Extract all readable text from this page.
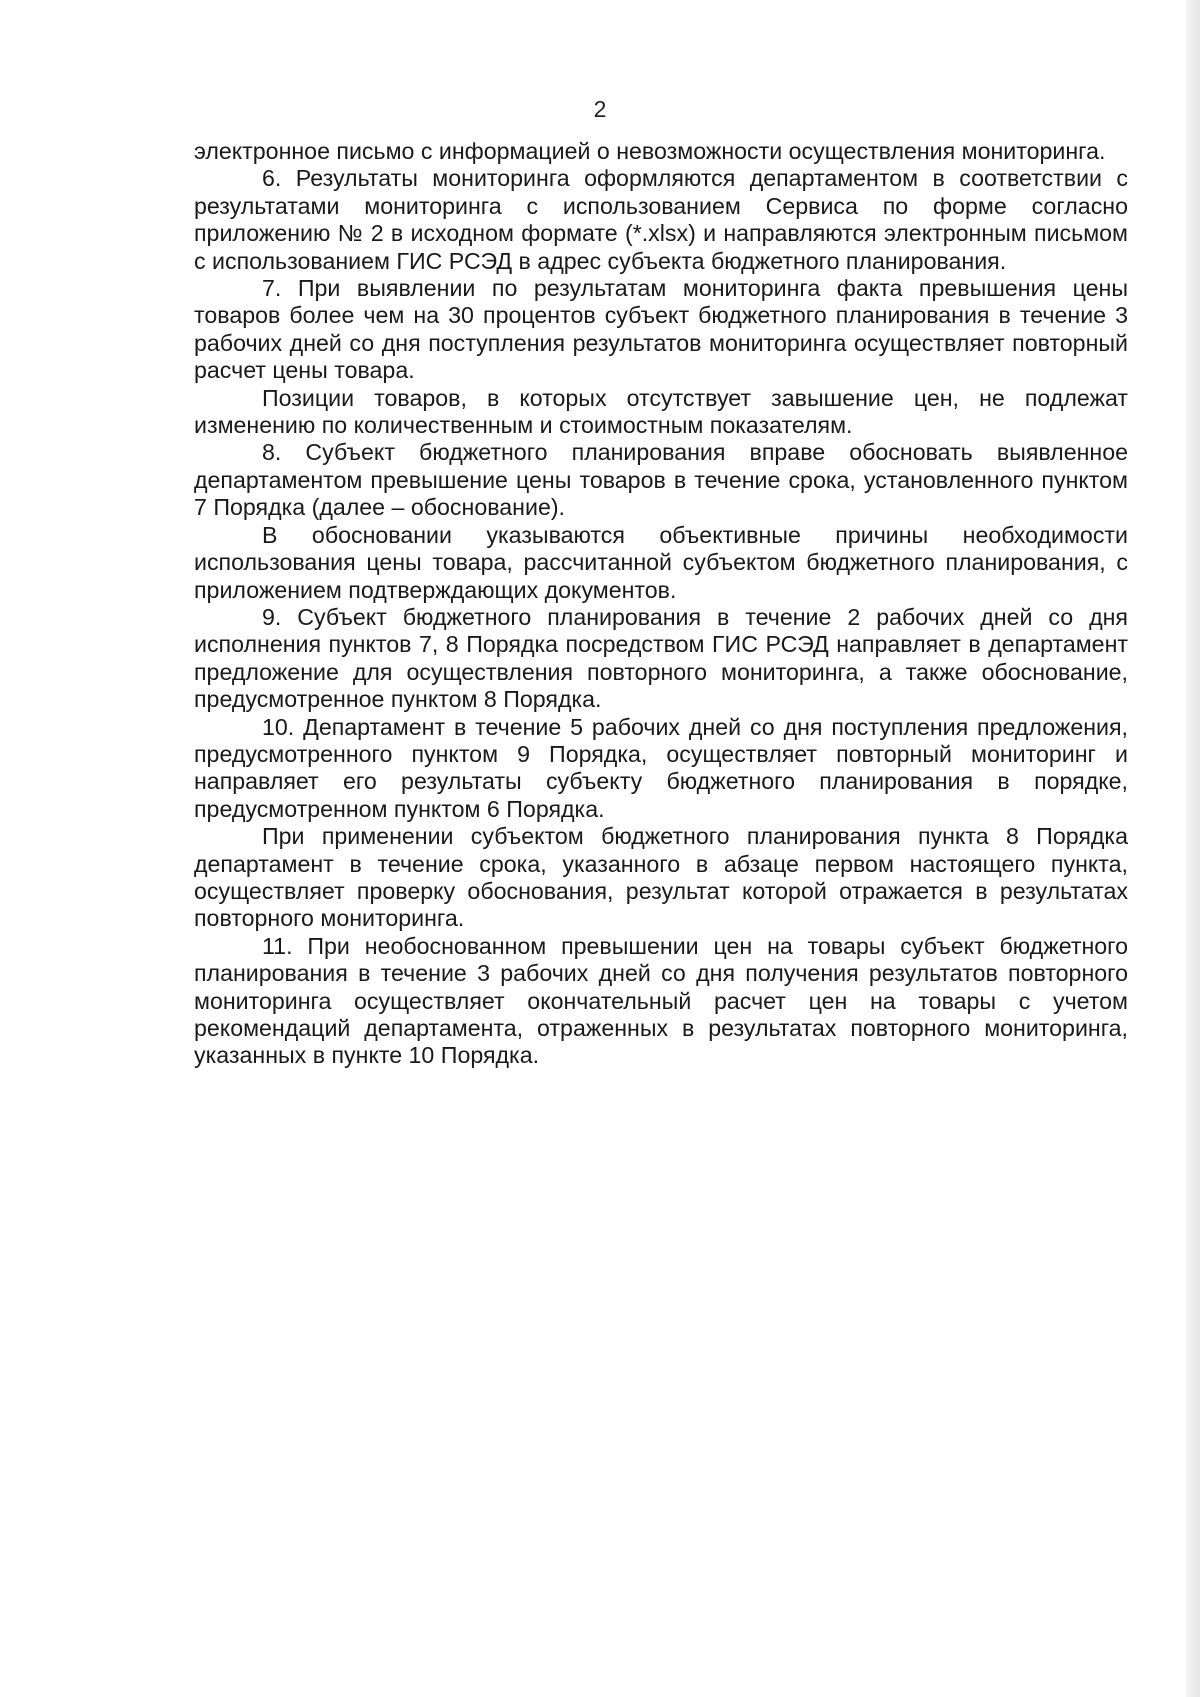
2

электронное письмо с информацией о невозможности осуществления мониторинга.

6. Результаты мониторинга оформляются департаментом в соответствии с результатами мониторинга с использованием Сервиса по форме согласно приложению № 2 в исходном формате (*.xlsx) и направляются электронным письмом с использованием ГИС РСЭД в адрес субъекта бюджетного планирования.

7. При выявлении по результатам мониторинга факта превышения цены товаров более чем на 30 процентов субъект бюджетного планирования в течение 3 рабочих дней со дня поступления результатов мониторинга осуществляет повторный расчет цены товара.

Позиции товаров, в которых отсутствует завышение цен, не подлежат изменению по количественным и стоимостным показателям.

8. Субъект бюджетного планирования вправе обосновать выявленное департаментом превышение цены товаров в течение срока, установленного пунктом 7 Порядка (далее – обоснование).

В обосновании указываются объективные причины необходимости использования цены товара, рассчитанной субъектом бюджетного планирования, с приложением подтверждающих документов.

9. Субъект бюджетного планирования в течение 2 рабочих дней со дня исполнения пунктов 7, 8 Порядка посредством ГИС РСЭД направляет в департамент предложение для осуществления повторного мониторинга, а также обоснование, предусмотренное пунктом 8 Порядка.

10. Департамент в течение 5 рабочих дней со дня поступления предложения, предусмотренного пунктом 9 Порядка, осуществляет повторный мониторинг и направляет его результаты субъекту бюджетного планирования в порядке, предусмотренном пунктом 6 Порядка.

При применении субъектом бюджетного планирования пункта 8 Порядка департамент в течение срока, указанного в абзаце первом настоящего пункта, осуществляет проверку обоснования, результат которой отражается в результатах повторного мониторинга.

11. При необоснованном превышении цен на товары субъект бюджетного планирования в течение 3 рабочих дней со дня получения результатов повторного мониторинга осуществляет окончательный расчет цен на товары с учетом рекомендаций департамента, отраженных в результатах повторного мониторинга, указанных в пункте 10 Порядка.
